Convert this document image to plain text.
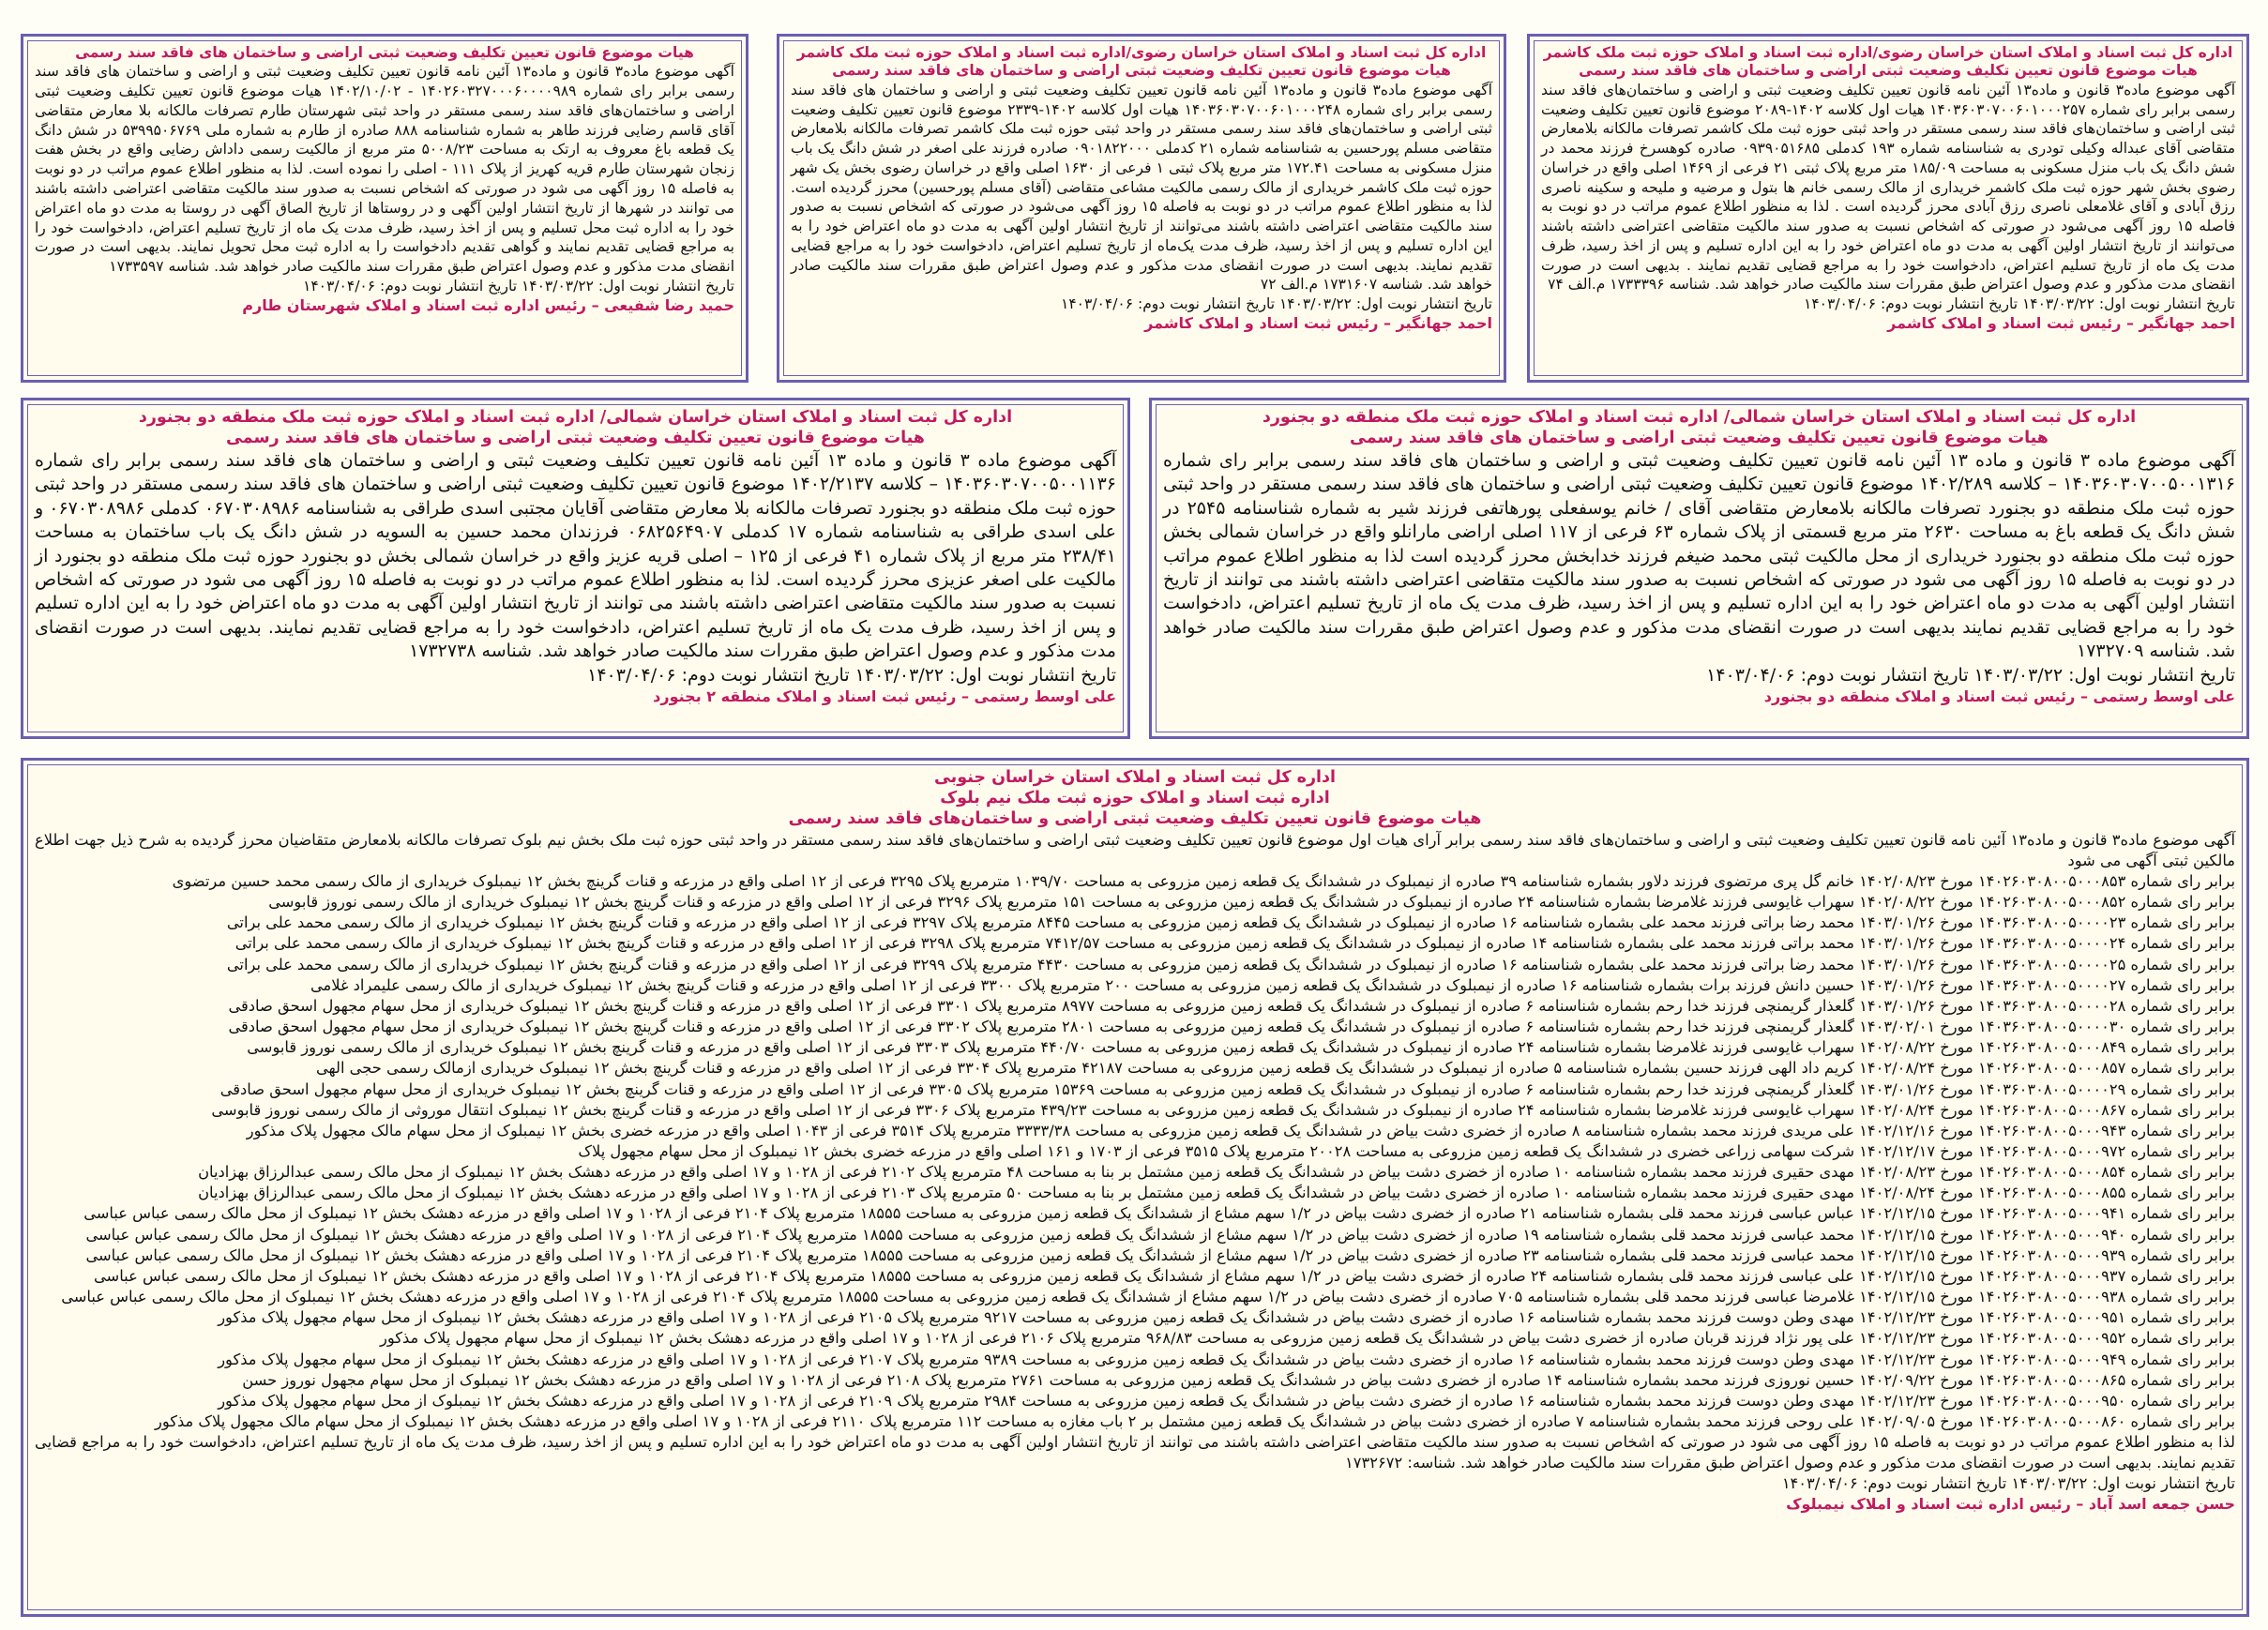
اداره کل ثبت اسناد و املاک استان خراسان رضوی/اداره ثبت اسناد و املاک حوزه ثبت ملک کاشمر
هیات موضوع قانون تعیین تکلیف وضعیت ثبتی اراضی و ساختمان های فاقد سند رسمی
آگهی موضوع ماده۳ قانون و ماده۱۳ آئین نامه قانون تعیین تکلیف وضعیت ثبتی و اراضی و ساختمان‌های فاقد سند رسمی برابر رای شماره ۱۴۰۳۶۰۳۰۷۰۰۶۰۱۰۰۰۲۵۷ هیات اول کلاسه ۱۴۰۲-۲۰۸۹ موضوع قانون تعیین تکلیف وضعیت ثبتی اراضی و ساختمان‌های فاقد سند رسمی مستقر در واحد ثبتی حوزه ثبت ملک کاشمر تصرفات مالکانه بلامعارض متقاضی آقای عبداله وکیلی تودری به شناسنامه شماره ۱۹۳ کدملی ۰۹۳۹۰۵۱۶۸۵ صادره کوهسرخ فرزند محمد در شش دانگ یک باب منزل مسکونی به مساحت ۱۸۵/۰۹ متر مربع پلاک ثبتی ۲۱ فرعی از ۱۴۶۹ اصلی واقع در خراسان رضوی بخش شهر حوزه ثبت ملک کاشمر خریداری از مالک رسمی خانم ها بتول و مرضیه و ملیحه و سکینه ناصری رزق آبادی و آقای غلامعلی ناصری رزق آبادی محرز گردیده است . لذا به منظور اطلاع عموم مراتب در دو نوبت به فاصله ۱۵ روز آگهی می‌شود در صورتی که اشخاص نسبت به صدور سند مالکیت متقاضی اعتراضی داشته باشند می‌توانند از تاریخ انتشار اولین آگهی به مدت دو ماه اعتراض خود را به این اداره تسلیم و پس از اخذ رسید، ظرف مدت یک ماه از تاریخ تسلیم اعتراض، دادخواست خود را به مراجع قضایی تقدیم نمایند . بدیهی است در صورت انقضای مدت مذکور و عدم وصول اعتراض طبق مقررات سند مالکیت صادر خواهد شد. شناسه ۱۷۳۳۳۹۶ م.الف ۷۴
تاریخ انتشار نوبت اول: ۱۴۰۳/۰۳/۲۲ تاریخ انتشار نوبت دوم: ۱۴۰۳/۰۴/۰۶
احمد جهانگیر – رئیس ثبت اسناد و املاک کاشمر
اداره کل ثبت اسناد و املاک استان خراسان رضوی/اداره ثبت اسناد و املاک حوزه ثبت ملک کاشمر
هیات موضوع قانون تعیین تکلیف وضعیت ثبتی اراضی و ساختمان های فاقد سند رسمی
آگهی موضوع ماده۳ قانون و ماده۱۳ آئین نامه قانون تعیین تکلیف وضعیت ثبتی و اراضی و ساختمان های فاقد سند رسمی برابر رای شماره ۱۴۰۳۶۰۳۰۷۰۰۶۰۱۰۰۰۲۴۸ هیات اول کلاسه ۱۴۰۲-۲۳۳۹ موضوع قانون تعیین تکلیف وضعیت ثبتی اراضی و ساختمان‌های فاقد سند رسمی مستقر در واحد ثبتی حوزه ثبت ملک کاشمر تصرفات مالکانه بلامعارض متقاضی مسلم پورحسین به شناسنامه شماره ۲۱ کدملی ۰۹۰۱۸۲۲۰۰۰ صادره فرزند علی اصغر در شش دانگ یک باب منزل مسکونی به مساحت ۱۷۲.۴۱ متر مربع پلاک ثبتی ۱ فرعی از ۱۶۳۰ اصلی واقع در خراسان رضوی بخش یک شهر حوزه ثبت ملک کاشمر خریداری از مالک رسمی مالکیت مشاعی متقاضی (آقای مسلم پورحسین) محرز گردیده است. لذا به منظور اطلاع عموم مراتب در دو نوبت به فاصله ۱۵ روز آگهی می‌شود در صورتی که اشخاص نسبت به صدور سند مالکیت متقاضی اعتراضی داشته باشند می‌توانند از تاریخ انتشار اولین آگهی به مدت دو ماه اعتراض خود را به این اداره تسلیم و پس از اخذ رسید، ظرف مدت یک‌ماه از تاریخ تسلیم اعتراض، دادخواست خود را به مراجع قضایی تقدیم نمایند. بدیهی است در صورت انقضای مدت مذکور و عدم وصول اعتراض طبق مقررات سند مالکیت صادر خواهد شد. شناسه ۱۷۳۱۶۰۷ م.الف ۷۲
تاریخ انتشار نوبت اول: ۱۴۰۳/۰۳/۲۲ تاریخ انتشار نوبت دوم: ۱۴۰۳/۰۴/۰۶
احمد جهانگیر – رئیس ثبت اسناد و املاک کاشمر
هیات موضوع قانون تعیین تکلیف وضعیت ثبتی اراضی و ساختمان های فاقد سند رسمی
آگهی موضوع ماده۳ قانون و ماده۱۳ آئین نامه قانون تعیین تکلیف وضعیت ثبتی و اراضی و ساختمان های فاقد سند رسمی برابر رای شماره ۱۴۰۲۶۰۳۲۷۰۰۰۶۰۰۰۰۹۸۹ - ۱۴۰۲/۱۰/۰۲ هیات موضوع قانون تعیین تکلیف وضعیت ثبتی اراضی و ساختمان‌های فاقد سند رسمی مستقر در واحد ثبتی شهرستان طارم تصرفات مالکانه بلا معارض متقاضی آقای قاسم رضایی فرزند طاهر به شماره شناسنامه ۸۸۸ صادره از طارم به شماره ملی ۵۳۹۹۵۰۶۷۶۹ در شش دانگ یک قطعه باغ معروف به ارتک به مساحت ۵۰۰۸/۲۳ متر مربع از مالکیت رسمی داداش رضایی واقع در بخش هفت زنجان شهرستان طارم قریه کهریز از پلاک ۱۱۱ - اصلی را نموده است. لذا به منظور اطلاع عموم مراتب در دو نوبت به فاصله ۱۵ روز آگهی می شود در صورتی که اشخاص نسبت به صدور سند مالکیت متقاضی اعتراضی داشته باشند می توانند در شهرها از تاریخ انتشار اولین آگهی و در روستاها از تاریخ الصاق آگهی در روستا به مدت دو ماه اعتراض خود را به اداره ثبت محل تسلیم و پس از اخذ رسید، ظرف مدت یک ماه از تاریخ تسلیم اعتراض، دادخواست خود را به مراجع قضایی تقدیم نمایند و گواهی تقدیم دادخواست را به اداره ثبت محل تحویل نمایند. بدیهی است در صورت انقضای مدت مذکور و عدم وصول اعتراض طبق مقررات سند مالکیت صادر خواهد شد. شناسه ۱۷۳۳۵۹۷
تاریخ انتشار نوبت اول: ۱۴۰۳/۰۳/۲۲ تاریخ انتشار نوبت دوم: ۱۴۰۳/۰۴/۰۶
حمید رضا شفیعی – رئیس اداره ثبت اسناد و املاک شهرستان طارم
اداره کل ثبت اسناد و املاک استان خراسان شمالی/ اداره ثبت اسناد و املاک حوزه ثبت ملک منطقه دو بجنورد
هیات موضوع قانون تعیین تکلیف وضعیت ثبتی اراضی و ساختمان های فاقد سند رسمی
آگهی موضوع ماده ۳ قانون و ماده ۱۳ آئین نامه قانون تعیین تکلیف وضعیت ثبتی و اراضی و ساختمان های فاقد سند رسمی برابر رای شماره ۱۴۰۳۶۰۳۰۷۰۰۵۰۰۱۳۱۶ – کلاسه ۱۴۰۲/۲۸۹ موضوع قانون تعیین تکلیف وضعیت ثبتی اراضی و ساختمان های فاقد سند رسمی مستقر در واحد ثبتی حوزه ثبت ملک منطقه دو بجنورد تصرفات مالکانه بلامعارض متقاضی آقای / خانم یوسفعلی پورهاتفی فرزند شیر به شماره شناسنامه ۲۵۴۵ در شش دانگ یک قطعه باغ به مساحت ۲۶۳۰ متر مربع قسمتی از پلاک شماره ۶۳ فرعی از ۱۱۷ اصلی اراضی مارانلو واقع در خراسان شمالی بخش حوزه ثبت ملک منطقه دو بجنورد خریداری از محل مالکیت ثبتی محمد ضیغم فرزند خدابخش محرز گردیده است لذا به منظور اطلاع عموم مراتب در دو نوبت به فاصله ۱۵ روز آگهی می شود در صورتی که اشخاص نسبت به صدور سند مالکیت متقاضی اعتراضی داشته باشند می توانند از تاریخ انتشار اولین آگهی به مدت دو ماه اعتراض خود را به این اداره تسلیم و پس از اخذ رسید، ظرف مدت یک ماه از تاریخ تسلیم اعتراض، دادخواست خود را به مراجع قضایی تقدیم نمایند بدیهی است در صورت انقضای مدت مذکور و عدم وصول اعتراض طبق مقررات سند مالکیت صادر خواهد شد. شناسه ۱۷۳۲۷۰۹
تاریخ انتشار نوبت اول: ۱۴۰۳/۰۳/۲۲ تاریخ انتشار نوبت دوم: ۱۴۰۳/۰۴/۰۶
علی اوسط رستمی – رئیس ثبت اسناد و املاک منطقه دو بجنورد
اداره کل ثبت اسناد و املاک استان خراسان شمالی/ اداره ثبت اسناد و املاک حوزه ثبت ملک منطقه دو بجنورد
هیات موضوع قانون تعیین تکلیف وضعیت ثبتی اراضی و ساختمان های فاقد سند رسمی
آگهی موضوع ماده ۳ قانون و ماده ۱۳ آئین نامه قانون تعیین تکلیف وضعیت ثبتی و اراضی و ساختمان های فاقد سند رسمی برابر رای شماره ۱۴۰۳۶۰۳۰۷۰۰۵۰۰۱۱۳۶ – کلاسه ۱۴۰۲/۲۱۳۷ موضوع قانون تعیین تکلیف وضعیت ثبتی اراضی و ساختمان های فاقد سند رسمی مستقر در واحد ثبتی حوزه ثبت ملک منطقه دو بجنورد تصرفات مالکانه بلا معارض متقاضی آقایان مجتبی اسدی طراقی به شناسنامه ۰۶۷۰۳۰۸۹۸۶ کدملی ۰۶۷۰۳۰۸۹۸۶ و علی اسدی طراقی به شناسنامه شماره ۱۷ کدملی ۰۶۸۲۵۶۴۹۰۷ فرزندان محمد حسین به السویه در شش دانگ یک باب ساختمان به مساحت ۲۳۸/۴۱ متر مربع از پلاک شماره ۴۱ فرعی از ۱۲۵ – اصلی قریه عزیز واقع در خراسان شمالی بخش دو بجنورد حوزه ثبت ملک منطقه دو بجنورد از مالکیت علی اصغر عزیزی محرز گردیده است. لذا به منظور اطلاع عموم مراتب در دو نوبت به فاصله ۱۵ روز آگهی می شود در صورتی که اشخاص نسبت به صدور سند مالکیت متقاضی اعتراضی داشته باشند می توانند از تاریخ انتشار اولین آگهی به مدت دو ماه اعتراض خود را به این اداره تسلیم و پس از اخذ رسید، ظرف مدت یک ماه از تاریخ تسلیم اعتراض، دادخواست خود را به مراجع قضایی تقدیم نمایند. بدیهی است در صورت انقضای مدت مذکور و عدم وصول اعتراض طبق مقررات سند مالکیت صادر خواهد شد. شناسه ۱۷۳۲۷۳۸
تاریخ انتشار نوبت اول: ۱۴۰۳/۰۳/۲۲ تاریخ انتشار نوبت دوم: ۱۴۰۳/۰۴/۰۶
علی اوسط رستمی – رئیس ثبت اسناد و املاک منطقه ۲ بجنورد
اداره کل ثبت اسناد و املاک استان خراسان جنوبی
اداره ثبت اسناد و املاک حوزه ثبت ملک نیم بلوک
هیات موضوع قانون تعیین تکلیف وضعیت ثبتی اراضی و ساختمان‌های فاقد سند رسمی
آگهی موضوع ماده۳ قانون و ماده۱۳ آئین نامه قانون تعیین تکلیف وضعیت ثبتی و اراضی و ساختمان‌های فاقد سند رسمی برابر آرای هیات اول موضوع قانون تعیین تکلیف وضعیت ثبتی اراضی و ساختمان‌های فاقد سند رسمی مستقر در واحد ثبتی حوزه ثبت ملک بخش نیم بلوک تصرفات مالکانه بلامعارض متقاضیان محرز گردیده به شرح ذیل جهت اطلاع مالکین ثبتی آگهی می شود
برابر رای شماره ۱۴۰۲۶۰۳۰۸۰۰۵۰۰۰۸۵۳ مورخ ۱۴۰۲/۰۸/۲۳ خانم گل پری مرتضوی فرزند دلاور بشماره شناسنامه ۳۹ صادره از نیمبلوک در ششدانگ یک قطعه زمین مزروعی به مساحت ۱۰۳۹/۷۰ مترمربع پلاک ۳۲۹۵ فرعی از ۱۲ اصلی واقع در مزرعه و قنات گرینچ بخش ۱۲ نیمبلوک خریداری از مالک رسمی محمد حسین مرتضوی
برابر رای شماره ۱۴۰۲۶۰۳۰۸۰۰۵۰۰۰۸۵۲ مورخ ۱۴۰۲/۰۸/۲۲ سهراب غایوسی فرزند غلامرضا بشماره شناسنامه ۲۴ صادره از نیمبلوک در ششدانگ یک قطعه زمین مزروعی به مساحت ۱۵۱ مترمربع پلاک ۳۲۹۶ فرعی از ۱۲ اصلی واقع در مزرعه و قنات گرینچ بخش ۱۲ نیمبلوک خریداری از مالک رسمی نوروز قابوسی
برابر رای شماره ۱۴۰۳۶۰۳۰۸۰۰۵۰۰۰۰۲۳ مورخ ۱۴۰۳/۰۱/۲۶ محمد رضا براتی فرزند محمد علی بشماره شناسنامه ۱۶ صادره از نیمبلوک در ششدانگ یک قطعه زمین مزروعی به مساحت ۸۴۴۵ مترمربع پلاک ۳۲۹۷ فرعی از ۱۲ اصلی واقع در مزرعه و قنات گرینچ بخش ۱۲ نیمبلوک خریداری از مالک رسمی محمد علی براتی
برابر رای شماره ۱۴۰۳۶۰۳۰۸۰۰۵۰۰۰۰۲۴ مورخ ۱۴۰۳/۰۱/۲۶ محمد براتی فرزند محمد علی بشماره شناسنامه ۱۴ صادره از نیمبلوک در ششدانگ یک قطعه زمین مزروعی به مساحت ۷۴۱۲/۵۷ مترمربع پلاک ۳۲۹۸ فرعی از ۱۲ اصلی واقع در مزرعه و قنات گرینچ بخش ۱۲ نیمبلوک خریداری از مالک رسمی محمد علی براتی
برابر رای شماره ۱۴۰۳۶۰۳۰۸۰۰۵۰۰۰۰۲۵ مورخ ۱۴۰۳/۰۱/۲۶ محمد رضا براتی فرزند محمد علی بشماره شناسنامه ۱۶ صادره از نیمبلوک در ششدانگ یک قطعه زمین مزروعی به مساحت ۴۴۳۰ مترمربع پلاک ۳۲۹۹ فرعی از ۱۲ اصلی واقع در مزرعه و قنات گرینچ بخش ۱۲ نیمبلوک خریداری از مالک رسمی محمد علی براتی
برابر رای شماره ۱۴۰۳۶۰۳۰۸۰۰۵۰۰۰۰۲۷ مورخ ۱۴۰۳/۰۱/۲۶ حسین دانش فرزند برات بشماره شناسنامه ۱۶ صادره از نیمبلوک در ششدانگ یک قطعه زمین مزروعی به مساحت ۲۰۰ مترمربع پلاک ۳۳۰۰ فرعی از ۱۲ اصلی واقع در مزرعه و قنات گرینچ بخش ۱۲ نیمبلوک خریداری از مالک رسمی علیمراد غلامی
برابر رای شماره ۱۴۰۳۶۰۳۰۸۰۰۵۰۰۰۰۲۸ مورخ ۱۴۰۳/۰۱/۲۶ گلعذار گریمنچی فرزند خدا رحم بشماره شناسنامه ۶ صادره از نیمبلوک در ششدانگ یک قطعه زمین مزروعی به مساحت ۸۹۷۷ مترمربع پلاک ۳۳۰۱ فرعی از ۱۲ اصلی واقع در مزرعه و قنات گرینچ بخش ۱۲ نیمبلوک خریداری از محل سهام مجهول اسحق صادقی
برابر رای شماره ۱۴۰۳۶۰۳۰۸۰۰۵۰۰۰۰۳۰ مورخ ۱۴۰۳/۰۲/۰۱ گلعذار گریمنچی فرزند خدا رحم بشماره شناسنامه ۶ صادره از نیمبلوک در ششدانگ یک قطعه زمین مزروعی به مساحت ۲۸۰۱ مترمربع پلاک ۳۳۰۲ فرعی از ۱۲ اصلی واقع در مزرعه و قنات گرینچ بخش ۱۲ نیمبلوک خریداری از محل سهام مجهول اسحق صادقی
برابر رای شماره ۱۴۰۲۶۰۳۰۸۰۰۵۰۰۰۸۴۹ مورخ ۱۴۰۲/۰۸/۲۲ سهراب غایوسی فرزند غلامرضا بشماره شناسنامه ۲۴ صادره از نیمبلوک در ششدانگ یک قطعه زمین مزروعی به مساحت ۴۴۰/۷۰ مترمربع پلاک ۳۳۰۳ فرعی از ۱۲ اصلی واقع در مزرعه و قنات گرینچ بخش ۱۲ نیمبلوک خریداری از مالک رسمی نوروز قابوسی
برابر رای شماره ۱۴۰۲۶۰۳۰۸۰۰۵۰۰۰۸۵۷ مورخ ۱۴۰۲/۰۸/۲۴ کریم داد الهی فرزند حسین بشماره شناسنامه ۵ صادره از نیمبلوک در ششدانگ یک قطعه زمین مزروعی به مساحت ۴۲۱۸۷ مترمربع پلاک ۳۳۰۴ فرعی از ۱۲ اصلی واقع در مزرعه و قنات گرینچ بخش ۱۲ نیمبلوک خریداری ازمالک رسمی حجی الهی
برابر رای شماره ۱۴۰۳۶۰۳۰۸۰۰۵۰۰۰۰۲۹ مورخ ۱۴۰۳/۰۱/۲۶ گلعذار گریمنچی فرزند خدا رحم بشماره شناسنامه ۶ صادره از نیمبلوک در ششدانگ یک قطعه زمین مزروعی به مساحت ۱۵۳۶۹ مترمربع پلاک ۳۳۰۵ فرعی از ۱۲ اصلی واقع در مزرعه و قنات گرینچ بخش ۱۲ نیمبلوک خریداری از محل سهام مجهول اسحق صادقی
برابر رای شماره ۱۴۰۲۶۰۳۰۸۰۰۵۰۰۰۸۶۷ مورخ ۱۴۰۲/۰۸/۲۴ سهراب غایوسی فرزند غلامرضا بشماره شناسنامه ۲۴ صادره از نیمبلوک در ششدانگ یک قطعه زمین مزروعی به مساحت ۴۳۹/۲۳ مترمربع پلاک ۳۳۰۶ فرعی از ۱۲ اصلی واقع در مزرعه و قنات گرینچ بخش ۱۲ نیمبلوک انتقال موروثی از مالک رسمی نوروز قابوسی
برابر رای شماره ۱۴۰۲۶۰۳۰۸۰۰۵۰۰۰۹۴۳ مورخ ۱۴۰۲/۱۲/۱۶ علی مریدی فرزند محمد بشماره شناسنامه ۸ صادره از خضری دشت بیاض در ششدانگ یک قطعه زمین مزروعی به مساحت ۳۳۳۳/۳۸ مترمربع پلاک ۳۵۱۴ فرعی از ۱۰۴۳ اصلی واقع در مزرعه خضری بخش ۱۲ نیمبلوک از محل سهام مالک مجهول پلاک مذکور
برابر رای شماره ۱۴۰۲۶۰۳۰۸۰۰۵۰۰۰۹۷۲ مورخ ۱۴۰۲/۱۲/۱۷ شرکت سهامی زراعی خضری در ششدانگ یک قطعه زمین مزروعی به مساحت ۲۰۰۲۸ مترمربع پلاک ۳۵۱۵ فرعی از ۱۷۰۳ و ۱۶۱ اصلی واقع در مزرعه خضری بخش ۱۲ نیمبلوک از محل سهام مجهول پلاک
برابر رای شماره ۱۴۰۲۶۰۳۰۸۰۰۵۰۰۰۸۵۴ مورخ ۱۴۰۲/۰۸/۲۳ مهدی حقیری فرزند محمد بشماره شناسنامه ۱۰ صادره از خضری دشت بیاض در ششدانگ یک قطعه زمین مشتمل بر بنا به مساحت ۴۸ مترمربع پلاک ۲۱۰۲ فرعی از ۱۰۲۸ و ۱۷ اصلی واقع در مزرعه دهشک بخش ۱۲ نیمبلوک از محل مالک رسمی عبدالرزاق بهزادیان
برابر رای شماره ۱۴۰۲۶۰۳۰۸۰۰۵۰۰۰۸۵۵ مورخ ۱۴۰۲/۰۸/۲۴ مهدی حقیری فرزند محمد بشماره شناسنامه ۱۰ صادره از خضری دشت بیاض در ششدانگ یک قطعه زمین مشتمل بر بنا به مساحت ۵۰ مترمربع پلاک ۲۱۰۳ فرعی از ۱۰۲۸ و ۱۷ اصلی واقع در مزرعه دهشک بخش ۱۲ نیمبلوک از محل مالک رسمی عبدالرزاق بهزادیان
برابر رای شماره ۱۴۰۲۶۰۳۰۸۰۰۵۰۰۰۹۴۱ مورخ ۱۴۰۲/۱۲/۱۵ عباس عباسی فرزند محمد قلی بشماره شناسنامه ۲۱ صادره از خضری دشت بیاض در ۱/۲ سهم مشاع از ششدانگ یک قطعه زمین مزروعی به مساحت ۱۸۵۵۵ مترمربع پلاک ۲۱۰۴ فرعی از ۱۰۲۸ و ۱۷ اصلی واقع در مزرعه دهشک بخش ۱۲ نیمبلوک از محل مالک رسمی عباس عباسی
برابر رای شماره ۱۴۰۲۶۰۳۰۸۰۰۵۰۰۰۹۴۰ مورخ ۱۴۰۲/۱۲/۱۵ محمد عباسی فرزند محمد قلی بشماره شناسنامه ۱۹ صادره از خضری دشت بیاض در ۱/۲ سهم مشاع از ششدانگ یک قطعه زمین مزروعی به مساحت ۱۸۵۵۵ مترمربع پلاک ۲۱۰۴ فرعی از ۱۰۲۸ و ۱۷ اصلی واقع در مزرعه دهشک بخش ۱۲ نیمبلوک از محل مالک رسمی عباس عباسی
برابر رای شماره ۱۴۰۲۶۰۳۰۸۰۰۵۰۰۰۹۳۹ مورخ ۱۴۰۲/۱۲/۱۵ محمد عباسی فرزند محمد قلی بشماره شناسنامه ۲۳ صادره از خضری دشت بیاض در ۱/۲ سهم مشاع از ششدانگ یک قطعه زمین مزروعی به مساحت ۱۸۵۵۵ مترمربع پلاک ۲۱۰۴ فرعی از ۱۰۲۸ و ۱۷ اصلی واقع در مزرعه دهشک بخش ۱۲ نیمبلوک از محل مالک رسمی عباس عباسی
برابر رای شماره ۱۴۰۲۶۰۳۰۸۰۰۵۰۰۰۹۳۷ مورخ ۱۴۰۲/۱۲/۱۵ علی عباسی فرزند محمد قلی بشماره شناسنامه ۲۴ صادره از خضری دشت بیاض در ۱/۲ سهم مشاع از ششدانگ یک قطعه زمین مزروعی به مساحت ۱۸۵۵۵ مترمربع پلاک ۲۱۰۴ فرعی از ۱۰۲۸ و ۱۷ اصلی واقع در مزرعه دهشک بخش ۱۲ نیمبلوک از محل مالک رسمی عباس عباسی
برابر رای شماره ۱۴۰۲۶۰۳۰۸۰۰۵۰۰۰۹۳۸ مورخ ۱۴۰۲/۱۲/۱۵ غلامرضا عباسی فرزند محمد قلی بشماره شناسنامه ۷۰۵ صادره از خضری دشت بیاض در ۱/۲ سهم مشاع از ششدانگ یک قطعه زمین مزروعی به مساحت ۱۸۵۵۵ مترمربع پلاک ۲۱۰۴ فرعی از ۱۰۲۸ و ۱۷ اصلی واقع در مزرعه دهشک بخش ۱۲ نیمبلوک از محل مالک رسمی عباس عباسی
برابر رای شماره ۱۴۰۲۶۰۳۰۸۰۰۵۰۰۰۹۵۱ مورخ ۱۴۰۲/۱۲/۲۳ مهدی وطن دوست فرزند محمد بشماره شناسنامه ۱۶ صادره از خضری دشت بیاض در ششدانگ یک قطعه زمین مزروعی به مساحت ۹۲۱۷ مترمربع پلاک ۲۱۰۵ فرعی از ۱۰۲۸ و ۱۷ اصلی واقع در مزرعه دهشک بخش ۱۲ نیمبلوک از محل سهام مجهول پلاک مذکور
برابر رای شماره ۱۴۰۲۶۰۳۰۸۰۰۵۰۰۰۹۵۲ مورخ ۱۴۰۲/۱۲/۲۳ علی پور نژاد فرزند قربان صادره از خضری دشت بیاض در ششدانگ یک قطعه زمین مزروعی به مساحت ۹۶۸/۸۳ مترمربع پلاک ۲۱۰۶ فرعی از ۱۰۲۸ و ۱۷ اصلی واقع در مزرعه دهشک بخش ۱۲ نیمبلوک از محل سهام مجهول پلاک مذکور
برابر رای شماره ۱۴۰۲۶۰۳۰۸۰۰۵۰۰۰۹۴۹ مورخ ۱۴۰۲/۱۲/۲۳ مهدی وطن دوست فرزند محمد بشماره شناسنامه ۱۶ صادره از خضری دشت بیاض در ششدانگ یک قطعه زمین مزروعی به مساحت ۹۳۸۹ مترمربع پلاک ۲۱۰۷ فرعی از ۱۰۲۸ و ۱۷ اصلی واقع در مزرعه دهشک بخش ۱۲ نیمبلوک از محل سهام مجهول پلاک مذکور
برابر رای شماره ۱۴۰۲۶۰۳۰۸۰۰۵۰۰۰۸۶۵ مورخ ۱۴۰۲/۰۹/۲۲ حسین نوروزی فرزند محمد بشماره شناسنامه ۱۴ صادره از خضری دشت بیاض در ششدانگ یک قطعه زمین مزروعی به مساحت ۲۷۶۱ مترمربع پلاک ۲۱۰۸ فرعی از ۱۰۲۸ و ۱۷ اصلی واقع در مزرعه دهشک بخش ۱۲ نیمبلوک از محل سهام مجهول نوروز حسن
برابر رای شماره ۱۴۰۲۶۰۳۰۸۰۰۵۰۰۰۹۵۰ مورخ ۱۴۰۲/۱۲/۲۳ مهدی وطن دوست فرزند محمد بشماره شناسنامه ۱۶ صادره از خضری دشت بیاض در ششدانگ یک قطعه زمین مزروعی به مساحت ۲۹۸۴ مترمربع پلاک ۲۱۰۹ فرعی از ۱۰۲۸ و ۱۷ اصلی واقع در مزرعه دهشک بخش ۱۲ نیمبلوک از محل سهام مجهول پلاک مذکور
برابر رای شماره ۱۴۰۲۶۰۳۰۸۰۰۵۰۰۰۸۶۰ مورخ ۱۴۰۲/۰۹/۰۵ علی روحی فرزند محمد بشماره شناسنامه ۷ صادره از خضری دشت بیاض در ششدانگ یک قطعه زمین مشتمل بر ۲ باب مغازه به مساحت ۱۱۲ مترمربع پلاک ۲۱۱۰ فرعی از ۱۰۲۸ و ۱۷ اصلی واقع در مزرعه دهشک بخش ۱۲ نیمبلوک از محل سهام مالک مجهول پلاک مذکور
لذا به منظور اطلاع عموم مراتب در دو نوبت به فاصله ۱۵ روز آگهی می شود در صورتی که اشخاص نسبت به صدور سند مالکیت متقاضی اعتراضی داشته باشند می توانند از تاریخ انتشار اولین آگهی به مدت دو ماه اعتراض خود را به این اداره تسلیم و پس از اخذ رسید، ظرف مدت یک ماه از تاریخ تسلیم اعتراض، دادخواست خود را به مراجع قضایی تقدیم نمایند. بدیهی است در صورت انقضای مدت مذکور و عدم وصول اعتراض طبق مقررات سند مالکیت صادر خواهد شد. شناسه: ۱۷۳۲۶۷۲
تاریخ انتشار نوبت اول: ۱۴۰۳/۰۳/۲۲ تاریخ انتشار نوبت دوم: ۱۴۰۳/۰۴/۰۶
حسن جمعه اسد آباد – رئیس اداره ثبت اسناد و املاک نیمبلوک
